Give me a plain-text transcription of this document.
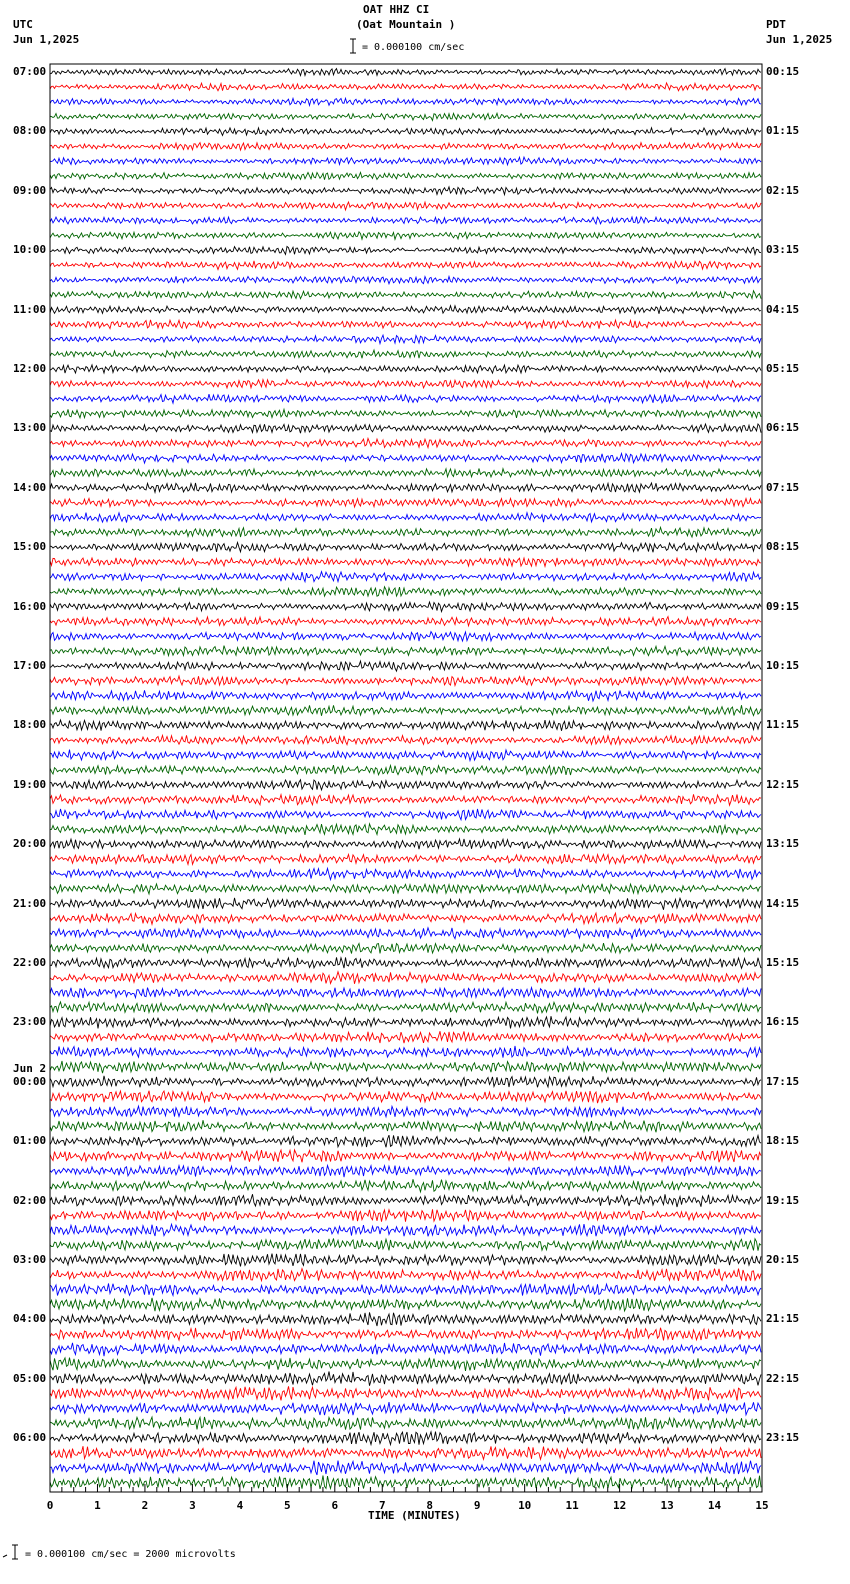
OAT HHZ CI
(Oat Mountain )
UTC
Jun 1,2025
PDT
Jun 1,2025
= 0.000100 cm/sec
07:00
08:00
09:00
10:00
11:00
12:00
13:00
14:00
15:00
16:00
17:00
18:00
19:00
20:00
21:00
22:00
23:00
00:00
Jun 2
01:00
02:00
03:00
04:00
05:00
06:00
00:15
01:15
02:15
03:15
04:15
05:15
06:15
07:15
08:15
09:15
10:15
11:15
12:15
13:15
14:15
15:15
16:15
17:15
18:15
19:15
20:15
21:15
22:15
23:15
0	1	2	3	4	5	6	7	8	9	10	11	12	13	14	15
TIME (MINUTES)
= 0.000100 cm/sec = 2000 microvolts
